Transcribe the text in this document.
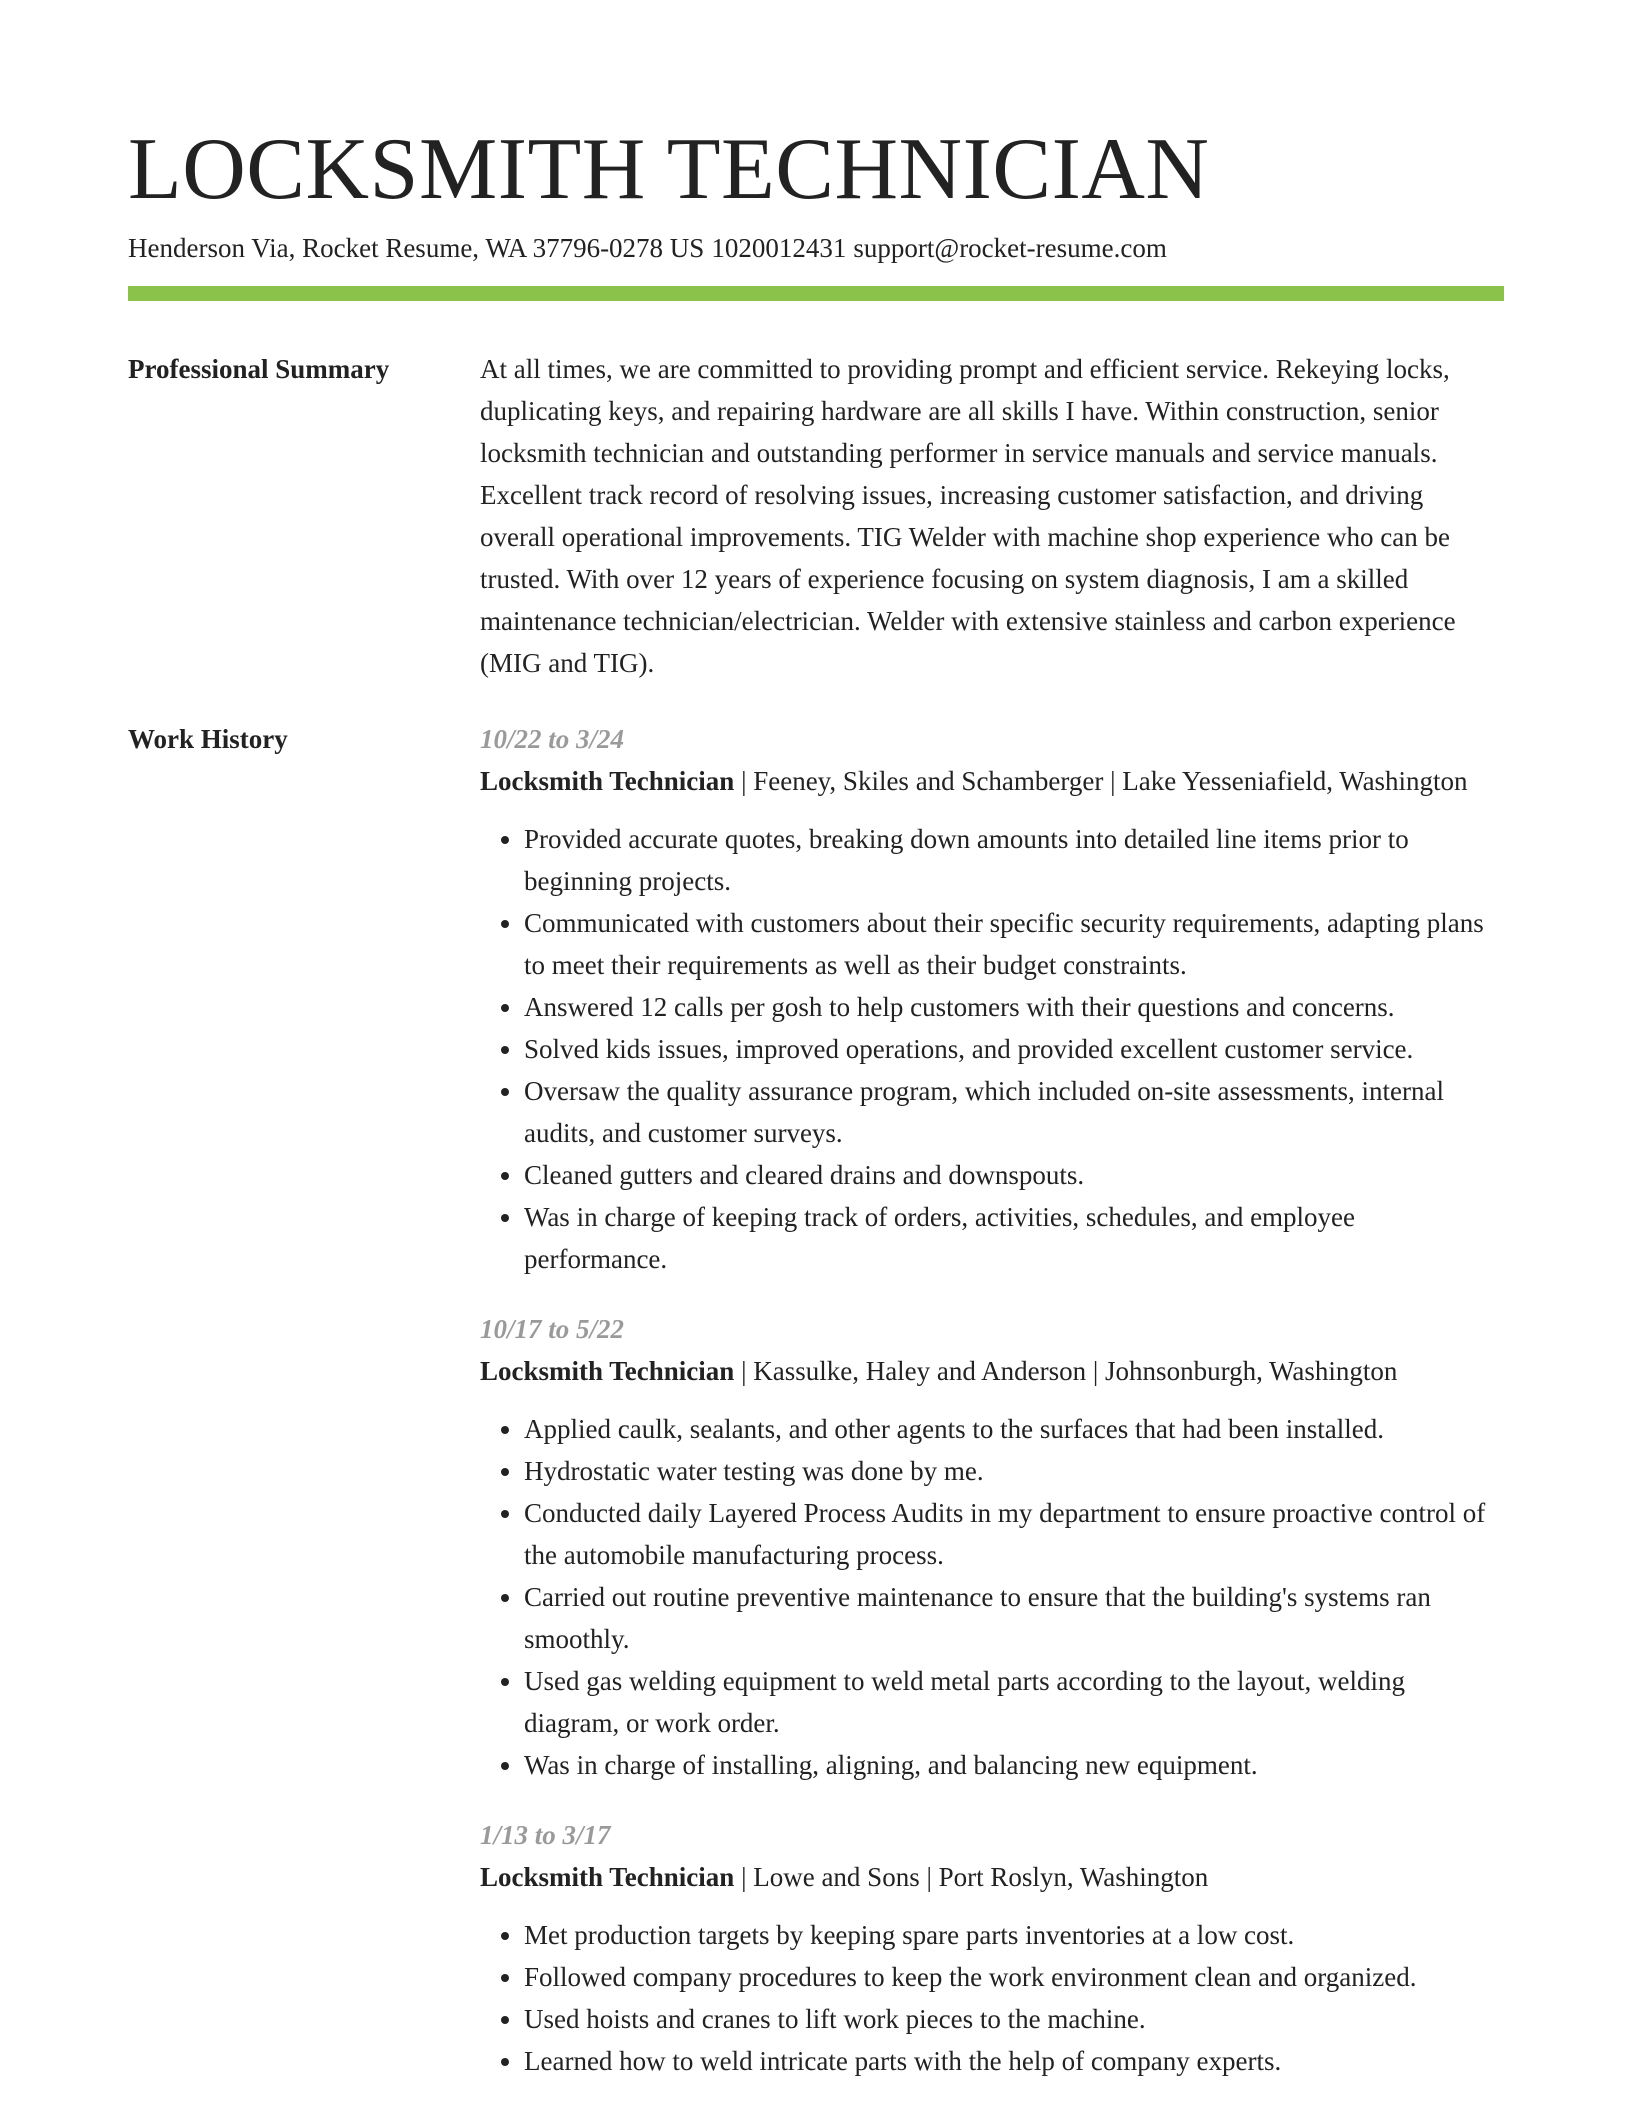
LOCKSMITH TECHNICIAN
Henderson Via, Rocket Resume, WA 37796-0278 US 1020012431 support@rocket-resume.com
Professional Summary	At all times, we are committed to providing prompt and efficient service. Rekeying locks, duplicating keys, and repairing hardware are all skills I have. Within construction, senior locksmith technician and outstanding performer in service manuals and service manuals. Excellent track record of resolving issues, increasing customer satisfaction, and driving overall operational improvements. TIG Welder with machine shop experience who can be trusted. With over 12 years of experience focusing on system diagnosis, I am a skilled maintenance technician/electrician. Welder with extensive stainless and carbon experience (MIG and TIG).

Work History	10/22 to 3/24
Locksmith Technician | Feeney, Skiles and Schamberger | Lake Yesseniafield, Washington
• Provided accurate quotes, breaking down amounts into detailed line items prior to beginning projects.
• Communicated with customers about their specific security requirements, adapting plans to meet their requirements as well as their budget constraints.
• Answered 12 calls per gosh to help customers with their questions and concerns.
• Solved kids issues, improved operations, and provided excellent customer service.
• Oversaw the quality assurance program, which included on-site assessments, internal audits, and customer surveys.
• Cleaned gutters and cleared drains and downspouts.
• Was in charge of keeping track of orders, activities, schedules, and employee performance.
10/17 to 5/22
Locksmith Technician | Kassulke, Haley and Anderson | Johnsonburgh, Washington
• Applied caulk, sealants, and other agents to the surfaces that had been installed.
• Hydrostatic water testing was done by me.
• Conducted daily Layered Process Audits in my department to ensure proactive control of the automobile manufacturing process.
• Carried out routine preventive maintenance to ensure that the building's systems ran smoothly.
• Used gas welding equipment to weld metal parts according to the layout, welding diagram, or work order.
• Was in charge of installing, aligning, and balancing new equipment.
1/13 to 3/17
Locksmith Technician | Lowe and Sons | Port Roslyn, Washington
• Met production targets by keeping spare parts inventories at a low cost.
• Followed company procedures to keep the work environment clean and organized.
• Used hoists and cranes to lift work pieces to the machine.
• Learned how to weld intricate parts with the help of company experts.
